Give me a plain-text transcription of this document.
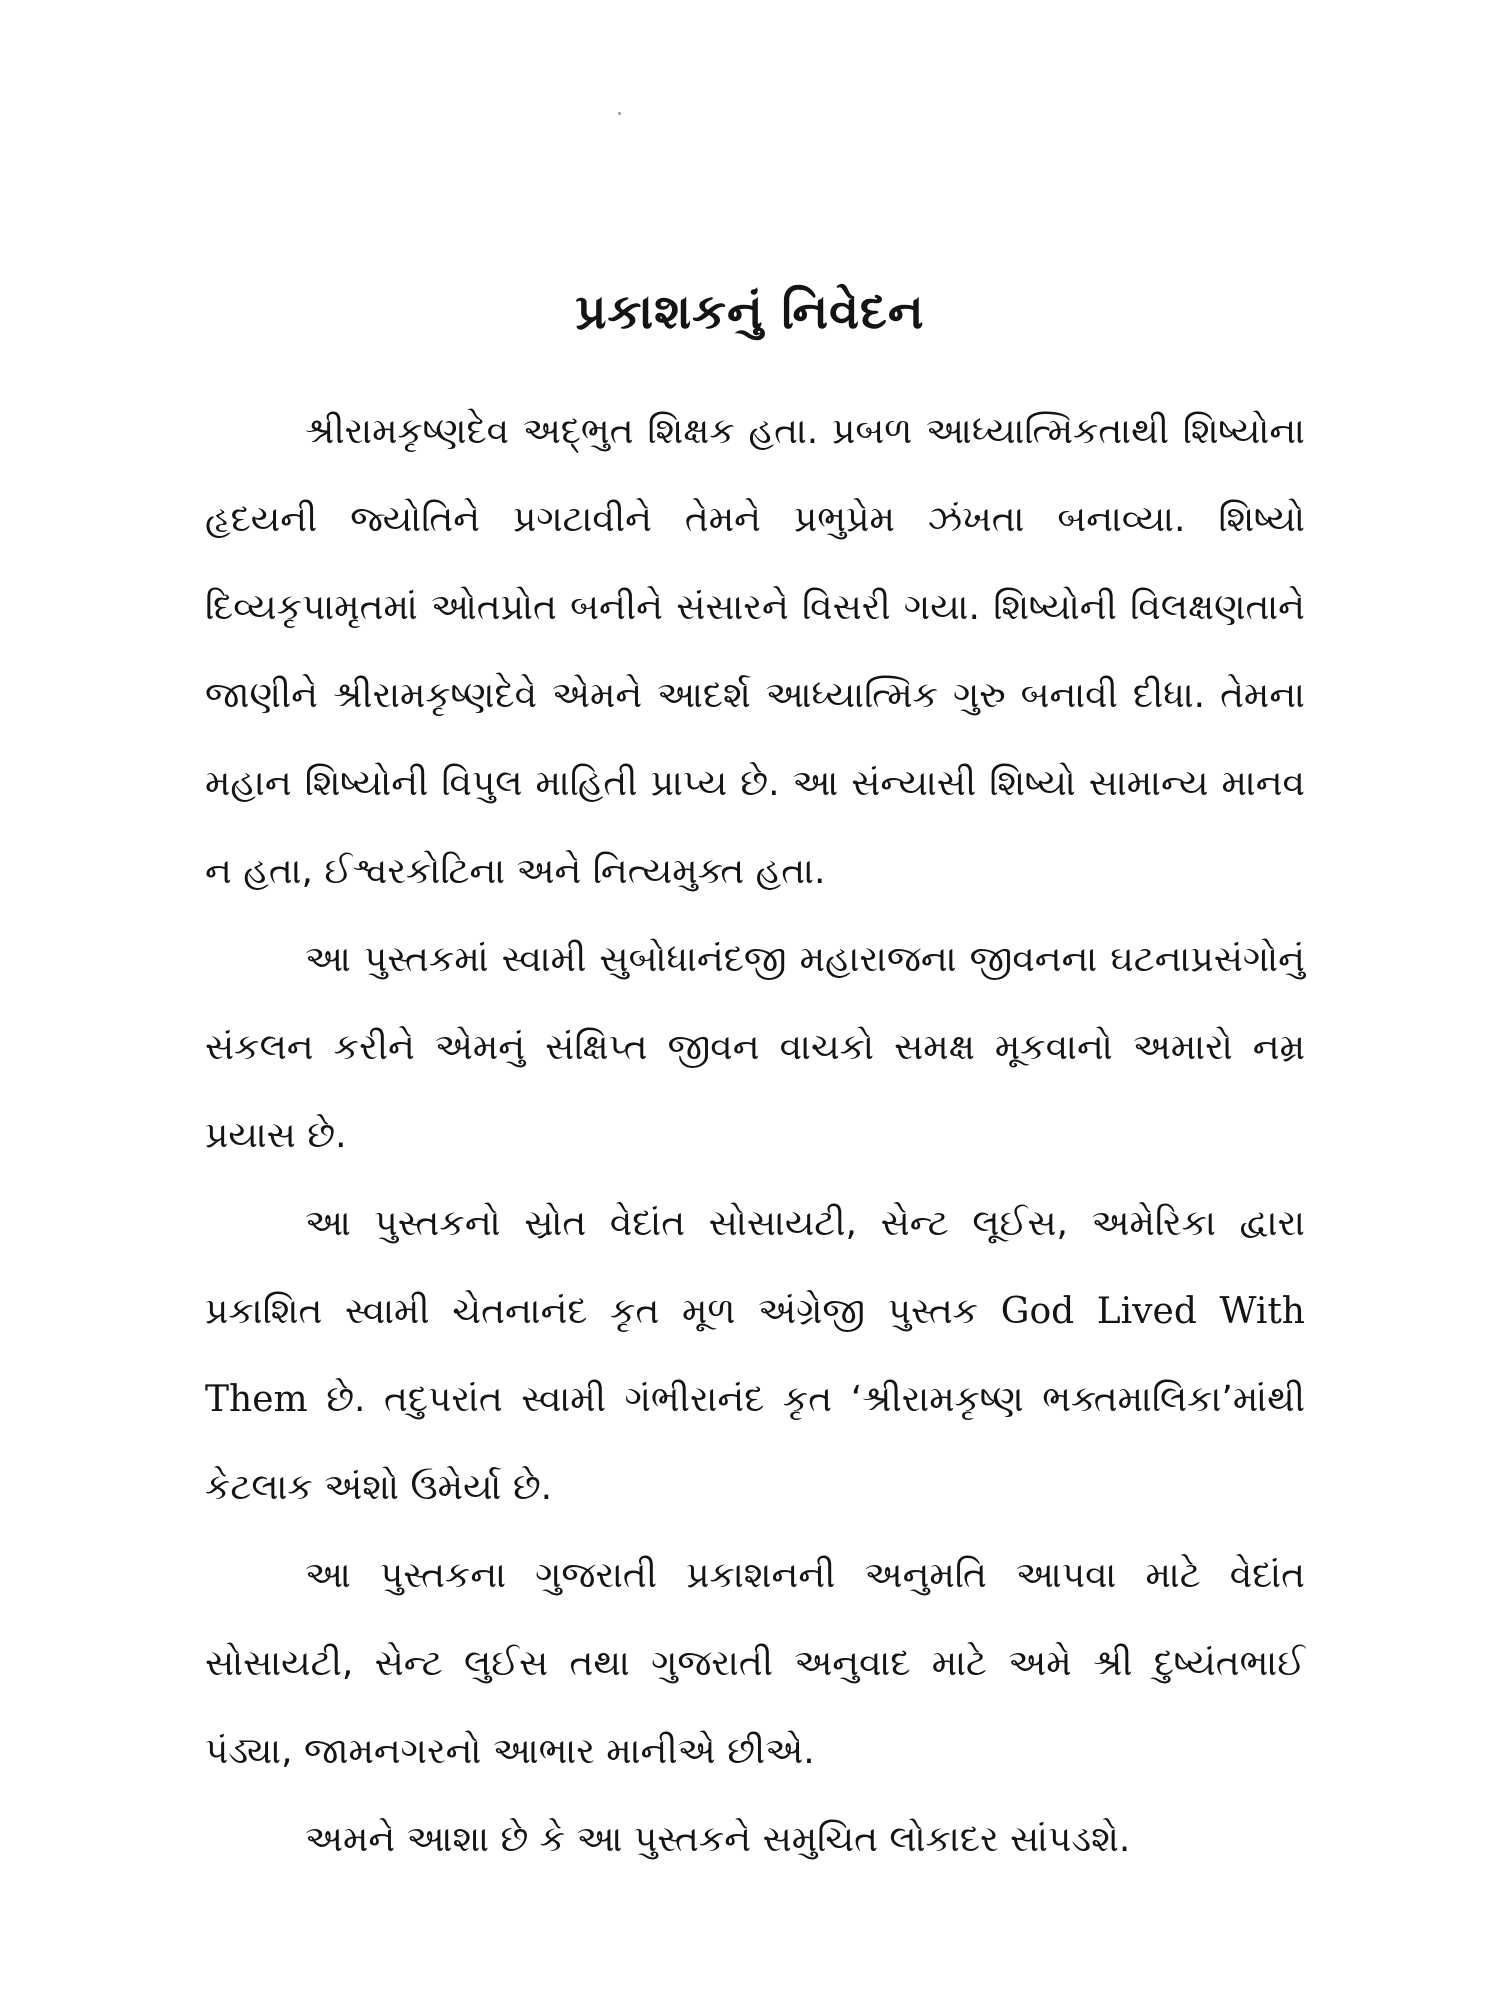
પ્રકાશકનું નિવેદન

શ્રીરામકૃષ્ણદેવ અદ્ભુત શિક્ષક હતા. પ્રબળ આધ્યાત્મિકતાથી શિષ્યોના હૃદયની જ્યોતિને પ્રગટાવીને તેમને પ્રભુપ્રેમ ઝંખતા બનાવ્યા. શિષ્યો દિવ્યકૃપામૃતમાં ઓતપ્રોત બનીને સંસારને વિસરી ગયા. શિષ્યોની વિલક્ષણતાને જાણીને શ્રીરામકૃષ્ણદેવે એમને આદર્શ આધ્યાત્મિક ગુરુ બનાવી દીધા. તેમના મહાન શિષ્યોની વિપુલ માહિતી પ્રાપ્ય છે. આ સંન્યાસી શિષ્યો સામાન્ય માનવ ન હતા, ઈશ્વરકોટિના અને નિત્યમુક્ત હતા.

આ પુસ્તકમાં સ્વામી સુબોધાનંદજી મહારાજના જીવનના ઘટનાપ્રસંગોનું સંકલન કરીને એમનું સંક્ષિપ્ત જીવન વાચકો સમક્ષ મૂકવાનો અમારો નમ્ર પ્રયાસ છે.

આ પુસ્તકનો સ્રોત વેદાંત સોસાયટી, સેન્ટ લૂઈસ, અમેરિકા દ્વારા પ્રકાશિત સ્વામી ચેતનાનંદ કૃત મૂળ અંગ્રેજી પુસ્તક God Lived With Them છે. તદુપરાંત સ્વામી ગંભીરાનંદ કૃત ‘શ્રીરામકૃષ્ણ ભક્તમાલિકા’માંથી કેટલાક અંશો ઉમેર્યા છે.

આ પુસ્તકના ગુજરાતી પ્રકાશનની અનુમતિ આપવા માટે વેદાંત સોસાયટી, સેન્ટ લુઈસ તથા ગુજરાતી અનુવાદ માટે અમે શ્રી દુષ્યંતભાઈ પંડ્યા, જામનગરનો આભાર માનીએ છીએ.

અમને આશા છે કે આ પુસ્તકને સમુચિત લોકાદર સાંપડશે.
